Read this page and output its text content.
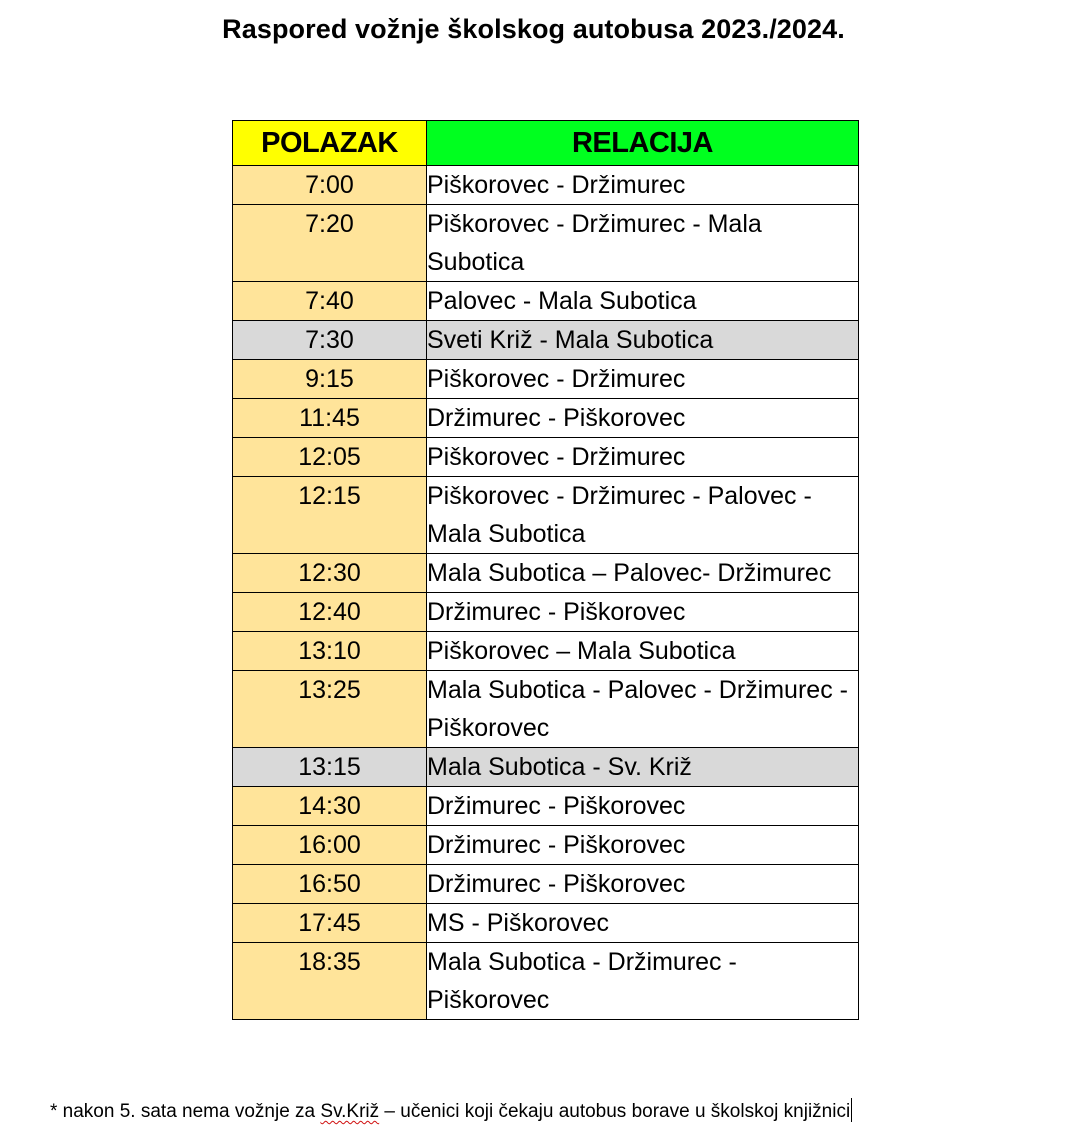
Raspored vožnje školskog autobusa 2023./2024.
POLAZAK	RELACIJA
7:00	Piškorovec - Držimurec
7:20	Piškorovec - Držimurec - Mala Subotica
7:40	Palovec - Mala Subotica
7:30	Sveti Križ - Mala Subotica
9:15	Piškorovec - Držimurec
11:45	Držimurec - Piškorovec
12:05	Piškorovec - Držimurec
12:15	Piškorovec - Držimurec - Palovec - Mala Subotica
12:30	Mala Subotica – Palovec- Držimurec
12:40	Držimurec - Piškorovec
13:10	Piškorovec – Mala Subotica
13:25	Mala Subotica - Palovec - Držimurec - Piškorovec
13:15	Mala Subotica - Sv. Križ
14:30	Držimurec - Piškorovec
16:00	Držimurec - Piškorovec
16:50	Držimurec - Piškorovec
17:45	MS - Piškorovec
18:35	Mala Subotica - Držimurec - Piškorovec
* nakon 5. sata nema vožnje za Sv.Križ – učenici koji čekaju autobus borave u školskoj knjižnici
